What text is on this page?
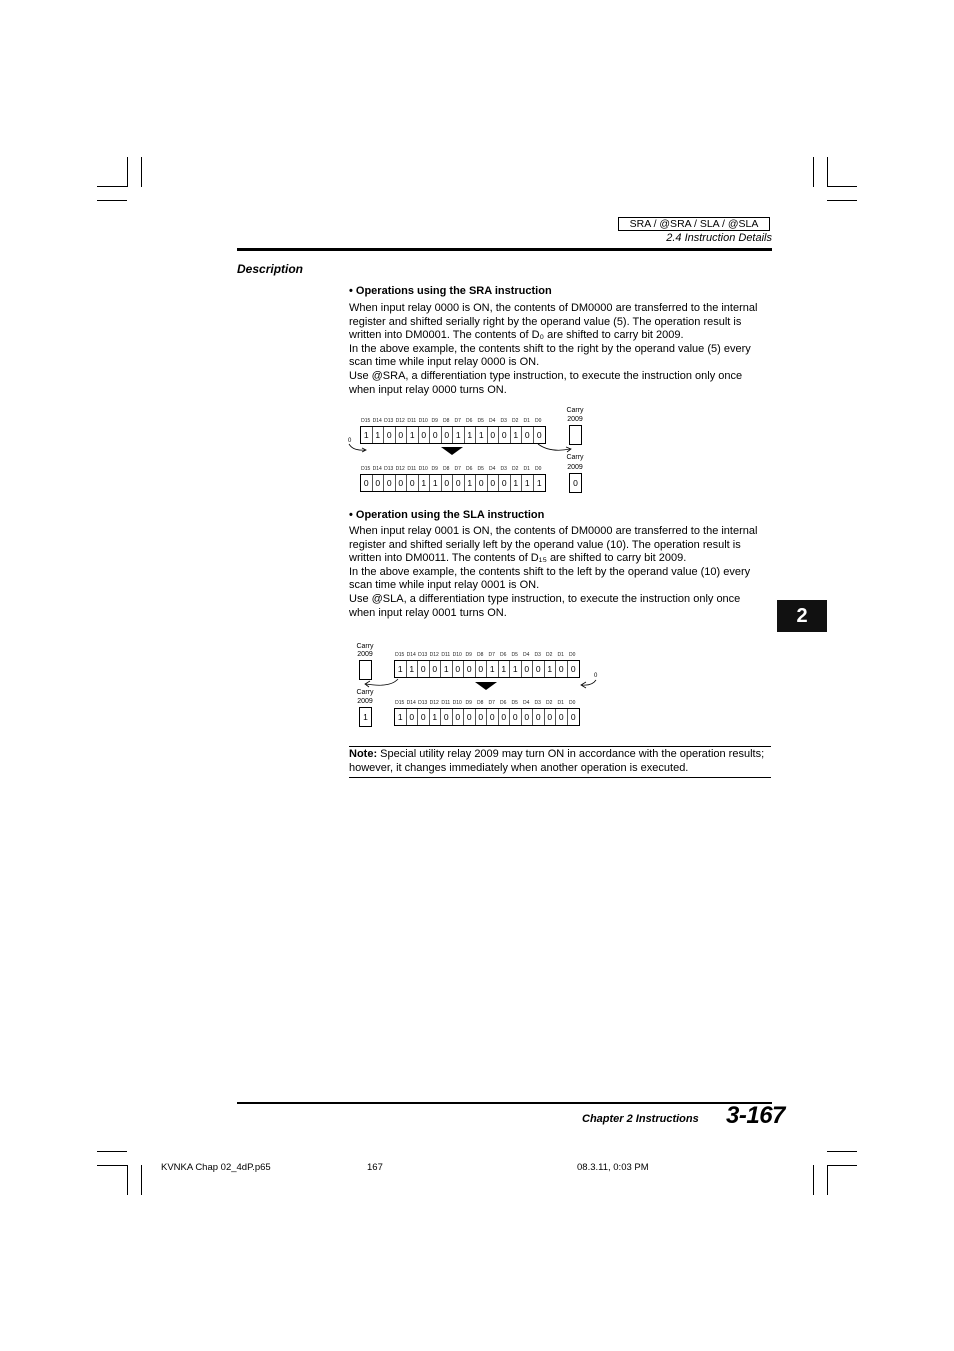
SRA / @SRA / SLA / @SLA
2.4 Instruction Details
Description
• Operations using the SRA instruction

When input relay 0000 is ON, the contents of DM0000 are transferred to the internal

register and shifted serially right by the operand value (5). The operation result is

written into DM0001. The contents of D₀ are shifted to carry bit 2009.

In the above example, the contents shift to the right by the operand value (5) every

scan time while input relay 0000 is ON.

Use @SRA, a differentiation type instruction, to execute the instruction only once

when input relay 0000 turns ON.

D15 D14 D13 D12 D11 D10 D9	D8	D7	D6	D5	D4	D3	D2	D1	D0
1 1 0 0 1 0 0 0 1 1 1 0 0 1 0 0
Carry
2009
0
D15 D14 D13 D12 D11 D10 D9	D8	D7	D6	D5	D4	D3	D2	D1	D0
0 0 0 0 0 1 1 0 0 1 0 0 0 1 1 1
Carry
2009
0
• Operation using the SLA instruction

When input relay 0001 is ON, the contents of DM0000 are transferred to the internal

register and shifted serially left by the operand value (10). The operation result is

written into DM0011. The contents of D₁₅ are shifted to carry bit 2009.

In the above example, the contents shift to the left by the operand value (10) every

scan time while input relay 0001 is ON.

Use @SLA, a differentiation type instruction, to execute the instruction only once

when input relay 0001 turns ON.

Carry
2009	D15 D14 D13 D12 D11 D10 D9	D8	D7	D6	D5	D4	D3	D2	D1	D0
1 1 0 0 1 0 0 0 1 1 1 0 0 1 0 0
0
Carry
2009
1
D15 D14 D13 D12 D11 D10 D9	D8	D7	D6	D5	D4	D3	D2	D1	D0
1 0 0 1 0 0 0 0 0 0 0 0 0 0 0 0
Note: Special utility relay 2009 may turn ON in accordance with the operation results; however, it changes immediately when another operation is executed.
2
Chapter 2 Instructions 3-167
KVNKA Chap 02_4dP.p65	167	08.3.11, 0:03 PM
